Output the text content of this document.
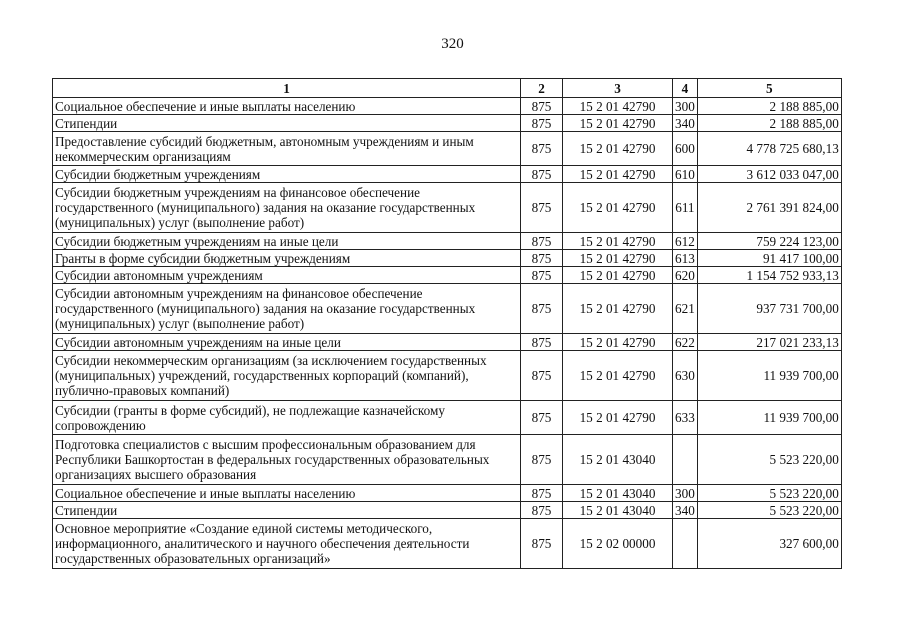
320
1	2	3	4	5
Социальное обеспечение и иные выплаты населению	875	15 2 01 42790	300	2 188 885,00
Стипендии	875	15 2 01 42790	340	2 188 885,00
Предоставление субсидий бюджетным, автономным учреждениям и иным некоммерческим организациям	875	15 2 01 42790	600	4 778 725 680,13
Субсидии бюджетным учреждениям	875	15 2 01 42790	610	3 612 033 047,00
Субсидии бюджетным учреждениям на финансовое обеспечение государственного (муниципального) задания на оказание государственных (муниципальных) услуг (выполнение работ)	875	15 2 01 42790	611	2 761 391 824,00
Субсидии бюджетным учреждениям на иные цели	875	15 2 01 42790	612	759 224 123,00
Гранты в форме субсидии бюджетным учреждениям	875	15 2 01 42790	613	91 417 100,00
Субсидии автономным учреждениям	875	15 2 01 42790	620	1 154 752 933,13
Субсидии автономным учреждениям на финансовое обеспечение государственного (муниципального) задания на оказание государственных (муниципальных) услуг (выполнение работ)	875	15 2 01 42790	621	937 731 700,00
Субсидии автономным учреждениям на иные цели	875	15 2 01 42790	622	217 021 233,13
Субсидии некоммерческим организациям (за исключением государственных (муниципальных) учреждений, государственных корпораций (компаний), публично-правовых компаний)	875	15 2 01 42790	630	11 939 700,00
Субсидии (гранты в форме субсидий), не подлежащие казначейскому сопровождению	875	15 2 01 42790	633	11 939 700,00
Подготовка специалистов с высшим профессиональным образованием для Республики Башкортостан в федеральных государственных образовательных организациях высшего образования	875	15 2 01 43040		5 523 220,00
Социальное обеспечение и иные выплаты населению	875	15 2 01 43040	300	5 523 220,00
Стипендии	875	15 2 01 43040	340	5 523 220,00
Основное мероприятие «Создание единой системы методического, информационного, аналитического и научного обеспечения деятельности государственных образовательных организаций»	875	15 2 02 00000		327 600,00
